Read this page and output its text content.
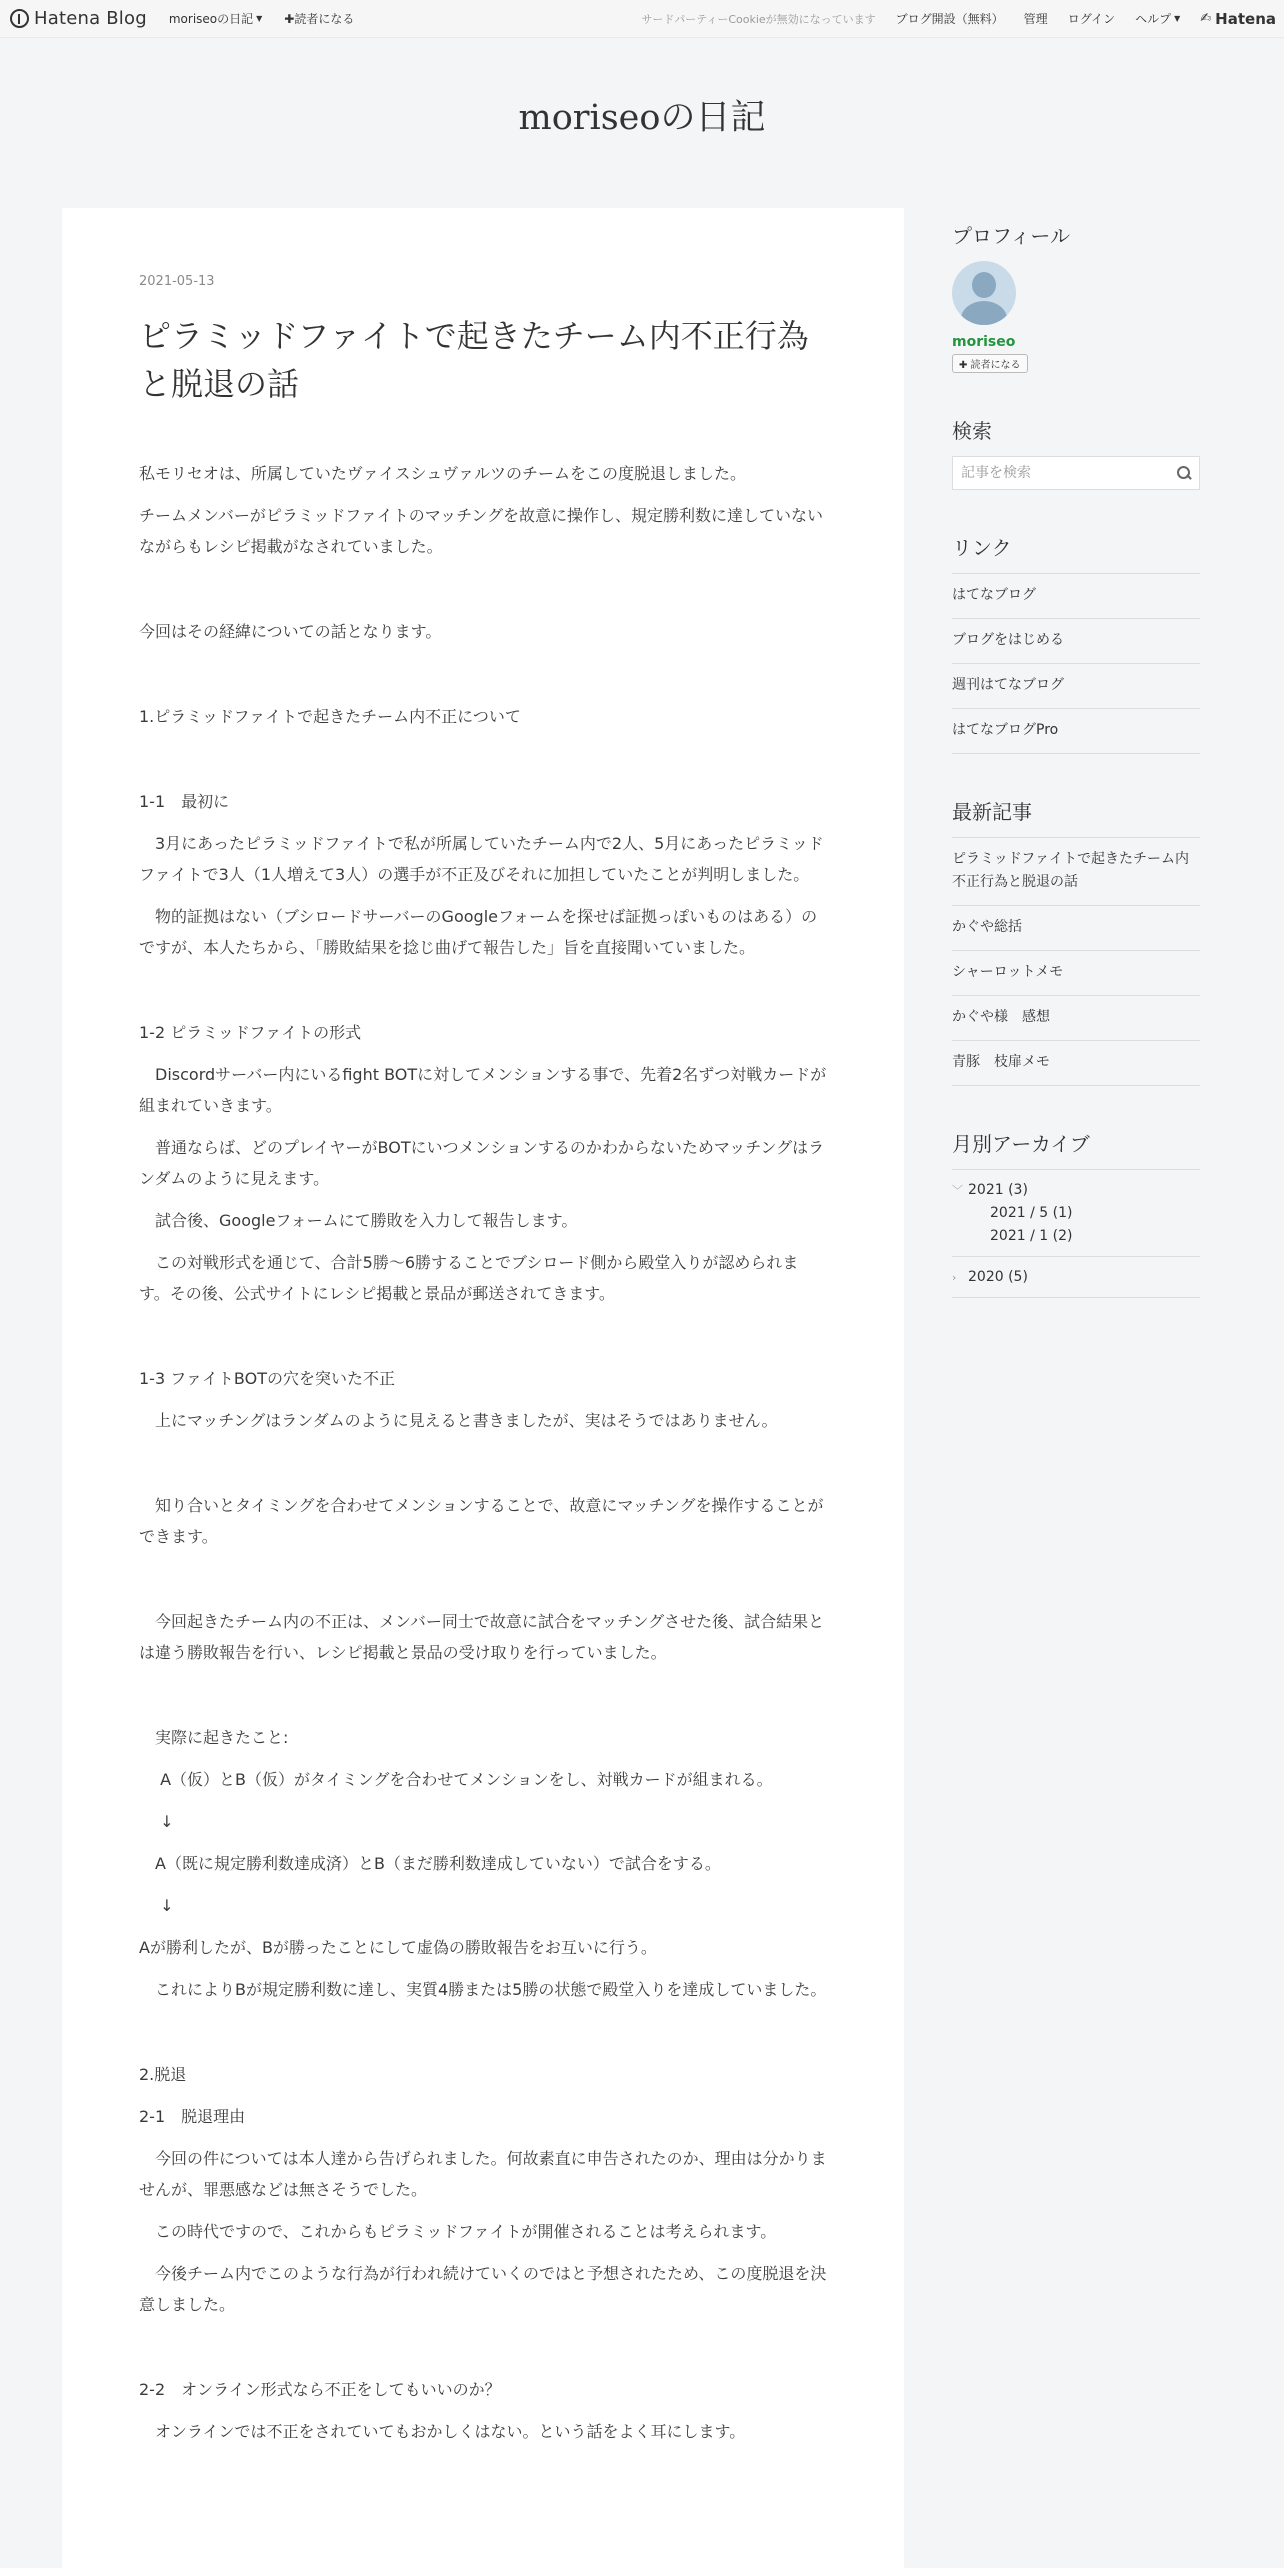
Hatena Blog moriseoの日記 ▼ ✚読者になる	サードパーティーCookieが無効になっています ブログ開設（無料） 管理 ログイン ヘルプ ▼ ✍ Hatena
moriseoの日記
2021-05-13
ピラミッドファイトで起きたチーム内不正行為と脱退の話

私モリセオは、所属していたヴァイスシュヴァルツのチームをこの度脱退しました。

チームメンバーがピラミッドファイトのマッチングを故意に操作し、規定勝利数に達していないながらもレシピ掲載がなされていました。

今回はその経緯についての話となります。

1.ピラミッドファイトで起きたチーム内不正について

1-1　最初に

　3月にあったピラミッドファイトで私が所属していたチーム内で2人、5月にあったピラミッドファイトで3人（1人増えて3人）の選手が不正及びそれに加担していたことが判明しました。

　物的証拠はない（ブシロードサーバーのGoogleフォームを探せば証拠っぽいものはある）のですが、本人たちから、「勝敗結果を捻じ曲げて報告した」旨を直接聞いていました。

1-2 ピラミッドファイトの形式

　Discordサーバー内にいるfight BOTに対してメンションする事で、先着2名ずつ対戦カードが組まれていきます。

　普通ならば、どのプレイヤーがBOTにいつメンションするのかわからないためマッチングはランダムのように見えます。

　試合後、Googleフォームにて勝敗を入力して報告します。

　この対戦形式を通じて、合計5勝〜6勝することでブシロード側から殿堂入りが認められます。その後、公式サイトにレシピ掲載と景品が郵送されてきます。

1-3 ファイトBOTの穴を突いた不正

　上にマッチングはランダムのように見えると書きましたが、実はそうではありません。

　知り合いとタイミングを合わせてメンションすることで、故意にマッチングを操作することができます。

　今回起きたチーム内の不正は、メンバー同士で故意に試合をマッチングさせた後、試合結果とは違う勝敗報告を行い、レシピ掲載と景品の受け取りを行っていました。

　実際に起きたこと:

　 A（仮）とB（仮）がタイミングを合わせてメンションをし、対戦カードが組まれる。

　 ↓

　A（既に規定勝利数達成済）とB（まだ勝利数達成していない）で試合をする。

　 ↓

Aが勝利したが、Bが勝ったことにして虚偽の勝敗報告をお互いに行う。

　これによりBが規定勝利数に達し、実質4勝または5勝の状態で殿堂入りを達成していました。

2.脱退

2-1　脱退理由

　今回の件については本人達から告げられました。何故素直に申告されたのか、理由は分かりませんが、罪悪感などは無さそうでした。

　この時代ですので、これからもピラミッドファイトが開催されることは考えられます。

　今後チーム内でこのような行為が行われ続けていくのではと予想されたため、この度脱退を決意しました。

2-2　オンライン形式なら不正をしてもいいのか？

　オンラインでは不正をされていてもおかしくはない。という話をよく耳にします。

プロフィール
moriseo
✚ 読者になる
検索
記事を検索
リンク
はてなブログ
ブログをはじめる
週刊はてなブログ
はてなブログPro
最新記事
ピラミッドファイトで起きたチーム内不正行為と脱退の話
かぐや総括
シャーロットメモ
かぐや様　感想
青豚　枝扉メモ
月別アーカイブ
﹀ 2021 (3)
2021 / 5 (1)
2021 / 1 (2)
› 2020 (5)
